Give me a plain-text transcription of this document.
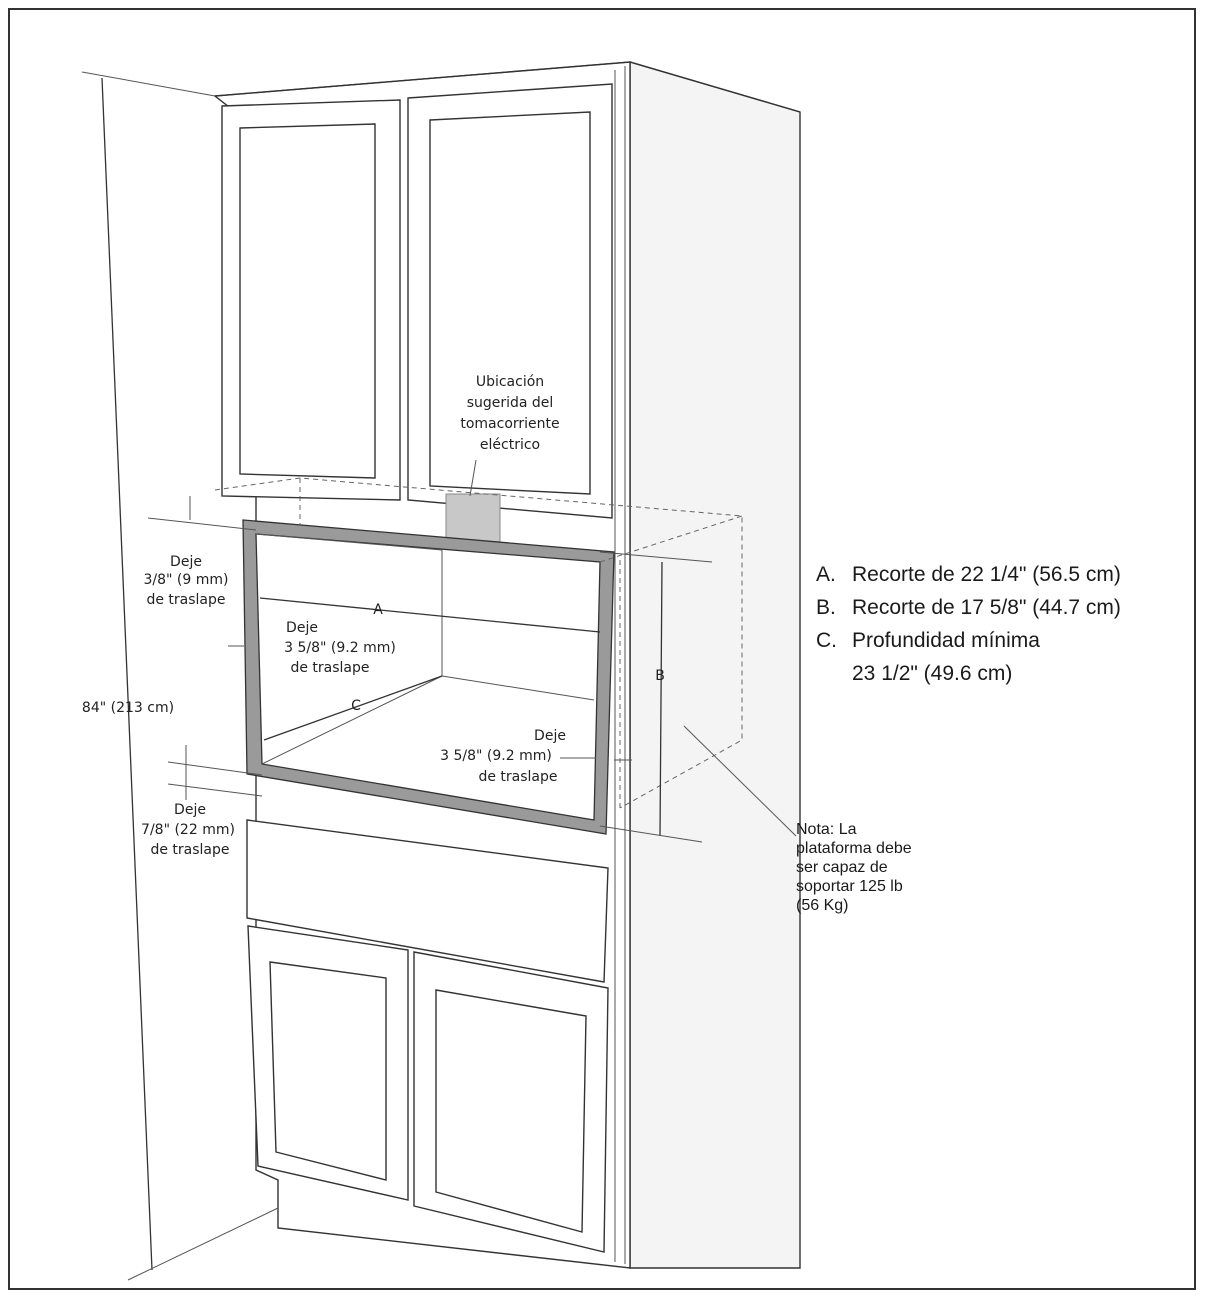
Ubicación
sugerida del
tomacorriente
eléctrico
Deje
3/8" (9 mm)
de traslape
Deje
3 5/8" (9.2 mm)
de traslape
Deje
3 5/8" (9.2 mm)
de traslape
Deje
7/8" (22 mm)
de traslape
84" (213 cm)
A
B
C
A. Recorte de 22 1/4" (56.5 cm)
B. Recorte de 17 5/8" (44.7 cm)
C. Profundidad mínima
23 1/2" (49.6 cm)
Nota: La
plataforma debe
ser capaz de
soportar 125 lb
(56 Kg)
